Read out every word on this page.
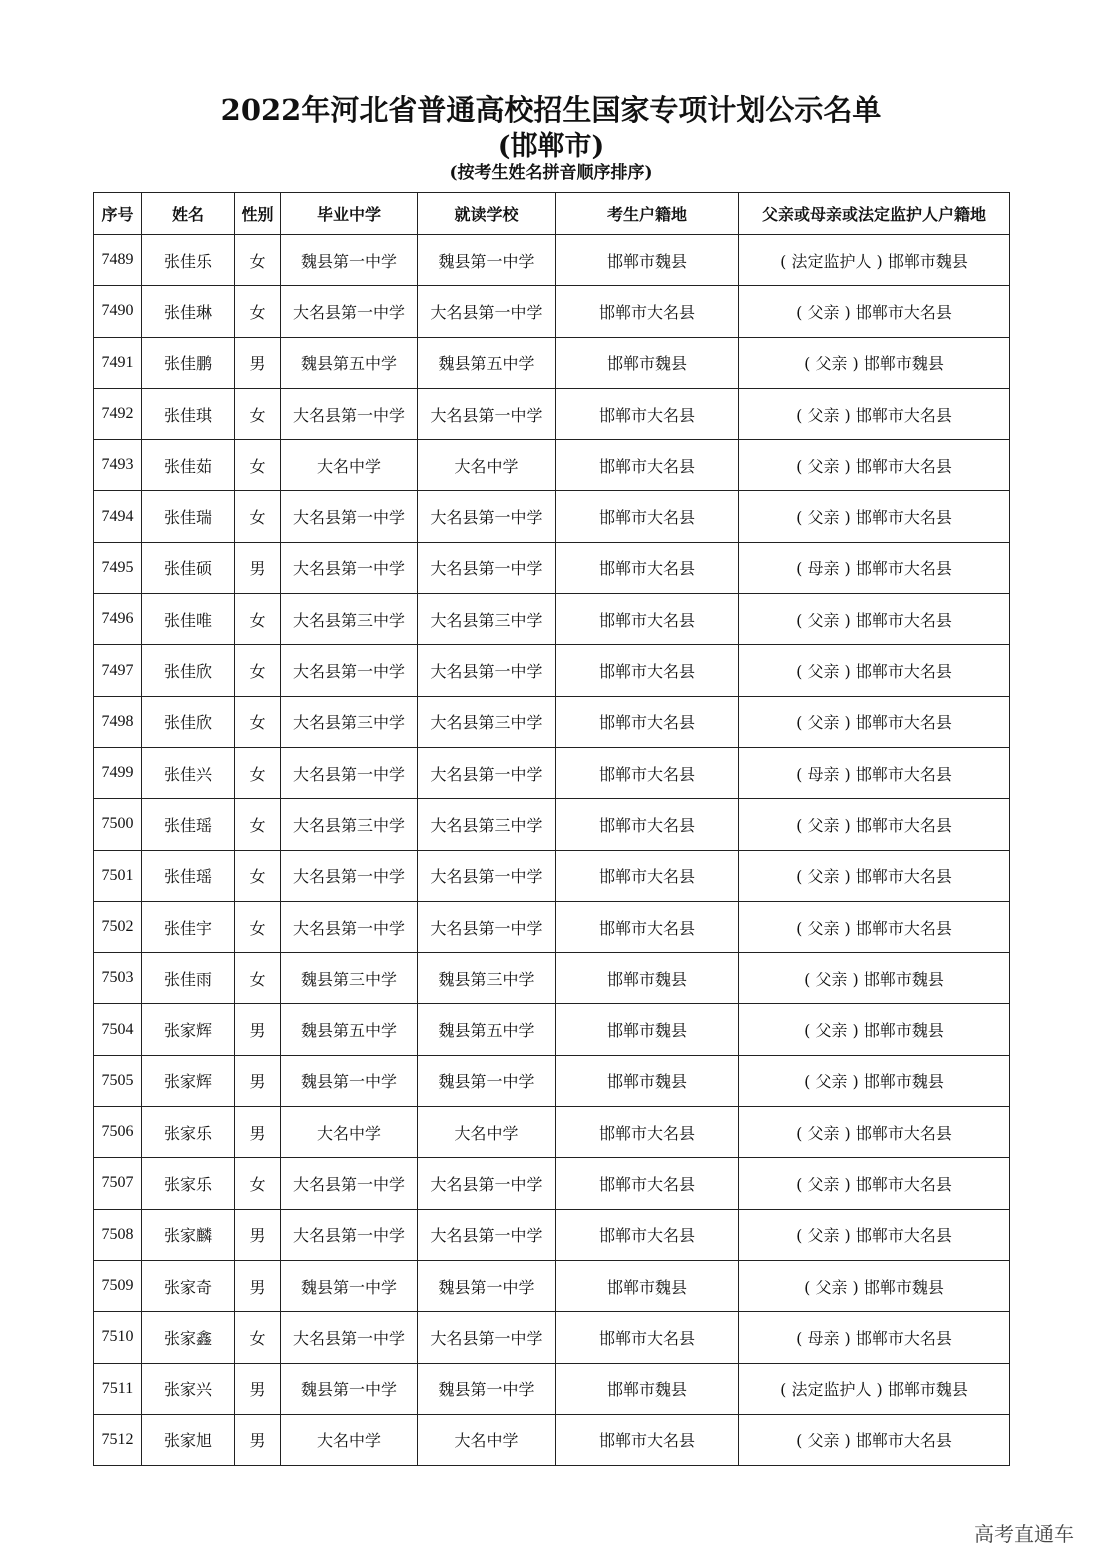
2022年河北省普通高校招生国家专项计划公示名单
(邯郸市)
(按考生姓名拼音顺序排序)
序号	姓名	性别	毕业中学	就读学校	考生户籍地	父亲或母亲或法定监护人户籍地
7489	张佳乐	女	魏县第一中学	魏县第一中学	邯郸市魏县	( 法定监护人 ) 邯郸市魏县
7490	张佳琳	女	大名县第一中学	大名县第一中学	邯郸市大名县	( 父亲 ) 邯郸市大名县
7491	张佳鹏	男	魏县第五中学	魏县第五中学	邯郸市魏县	( 父亲 ) 邯郸市魏县
7492	张佳琪	女	大名县第一中学	大名县第一中学	邯郸市大名县	( 父亲 ) 邯郸市大名县
7493	张佳茹	女	大名中学	大名中学	邯郸市大名县	( 父亲 ) 邯郸市大名县
7494	张佳瑞	女	大名县第一中学	大名县第一中学	邯郸市大名县	( 父亲 ) 邯郸市大名县
7495	张佳硕	男	大名县第一中学	大名县第一中学	邯郸市大名县	( 母亲 ) 邯郸市大名县
7496	张佳唯	女	大名县第三中学	大名县第三中学	邯郸市大名县	( 父亲 ) 邯郸市大名县
7497	张佳欣	女	大名县第一中学	大名县第一中学	邯郸市大名县	( 父亲 ) 邯郸市大名县
7498	张佳欣	女	大名县第三中学	大名县第三中学	邯郸市大名县	( 父亲 ) 邯郸市大名县
7499	张佳兴	女	大名县第一中学	大名县第一中学	邯郸市大名县	( 母亲 ) 邯郸市大名县
7500	张佳瑶	女	大名县第三中学	大名县第三中学	邯郸市大名县	( 父亲 ) 邯郸市大名县
7501	张佳瑶	女	大名县第一中学	大名县第一中学	邯郸市大名县	( 父亲 ) 邯郸市大名县
7502	张佳宇	女	大名县第一中学	大名县第一中学	邯郸市大名县	( 父亲 ) 邯郸市大名县
7503	张佳雨	女	魏县第三中学	魏县第三中学	邯郸市魏县	( 父亲 ) 邯郸市魏县
7504	张家辉	男	魏县第五中学	魏县第五中学	邯郸市魏县	( 父亲 ) 邯郸市魏县
7505	张家辉	男	魏县第一中学	魏县第一中学	邯郸市魏县	( 父亲 ) 邯郸市魏县
7506	张家乐	男	大名中学	大名中学	邯郸市大名县	( 父亲 ) 邯郸市大名县
7507	张家乐	女	大名县第一中学	大名县第一中学	邯郸市大名县	( 父亲 ) 邯郸市大名县
7508	张家麟	男	大名县第一中学	大名县第一中学	邯郸市大名县	( 父亲 ) 邯郸市大名县
7509	张家奇	男	魏县第一中学	魏县第一中学	邯郸市魏县	( 父亲 ) 邯郸市魏县
7510	张家鑫	女	大名县第一中学	大名县第一中学	邯郸市大名县	( 母亲 ) 邯郸市大名县
7511	张家兴	男	魏县第一中学	魏县第一中学	邯郸市魏县	( 法定监护人 ) 邯郸市魏县
7512	张家旭	男	大名中学	大名中学	邯郸市大名县	( 父亲 ) 邯郸市大名县
高考直通车
